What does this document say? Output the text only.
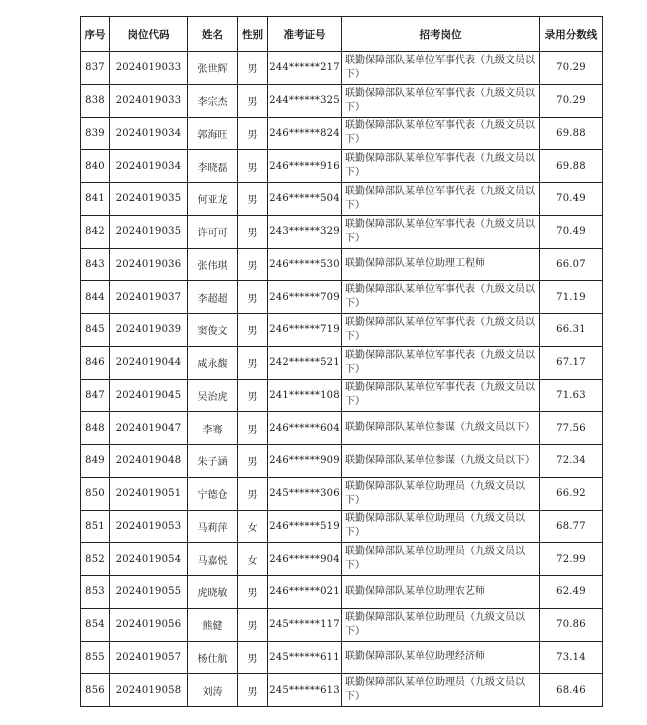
序号	岗位代码	姓名	性别	准考证号	招考岗位	录用分数线
837	2024019033	张世辉	男	244******217	联勤保障部队某单位军事代表（九级文员以下）	70.29
838	2024019033	李宗杰	男	244******325	联勤保障部队某单位军事代表（九级文员以下）	70.29
839	2024019034	郭海旺	男	246******824	联勤保障部队某单位军事代表（九级文员以下）	69.88
840	2024019034	李晓磊	男	246******916	联勤保障部队某单位军事代表（九级文员以下）	69.88
841	2024019035	何亚龙	男	246******504	联勤保障部队某单位军事代表（九级文员以下）	70.49
842	2024019035	许可可	男	243******329	联勤保障部队某单位军事代表（九级文员以下）	70.49
843	2024019036	张伟琪	男	246******530	联勤保障部队某单位助理工程师	66.07
844	2024019037	李超超	男	246******709	联勤保障部队某单位军事代表（九级文员以下）	71.19
845	2024019039	窦俊文	男	246******719	联勤保障部队某单位军事代表（九级文员以下）	66.31
846	2024019044	咸永馥	男	242******521	联勤保障部队某单位军事代表（九级文员以下）	67.17
847	2024019045	吴治虎	男	241******108	联勤保障部队某单位军事代表（九级文员以下）	71.63
848	2024019047	李骞	男	246******604	联勤保障部队某单位参谋（九级文员以下）	77.56
849	2024019048	朱子涵	男	246******909	联勤保障部队某单位参谋（九级文员以下）	72.34
850	2024019051	宁德仓	男	245******306	联勤保障部队某单位助理员（九级文员以下）	66.92
851	2024019053	马莉萍	女	246******519	联勤保障部队某单位助理员（九级文员以下）	68.77
852	2024019054	马嘉悦	女	246******904	联勤保障部队某单位助理员（九级文员以下）	72.99
853	2024019055	虎晓敏	男	246******021	联勤保障部队某单位助理农艺师	62.49
854	2024019056	熊健	男	245******117	联勤保障部队某单位助理员（九级文员以下）	70.86
855	2024019057	杨仕航	男	245******611	联勤保障部队某单位助理经济师	73.14
856	2024019058	刘涛	男	245******613	联勤保障部队某单位助理员（九级文员以下）	68.46
